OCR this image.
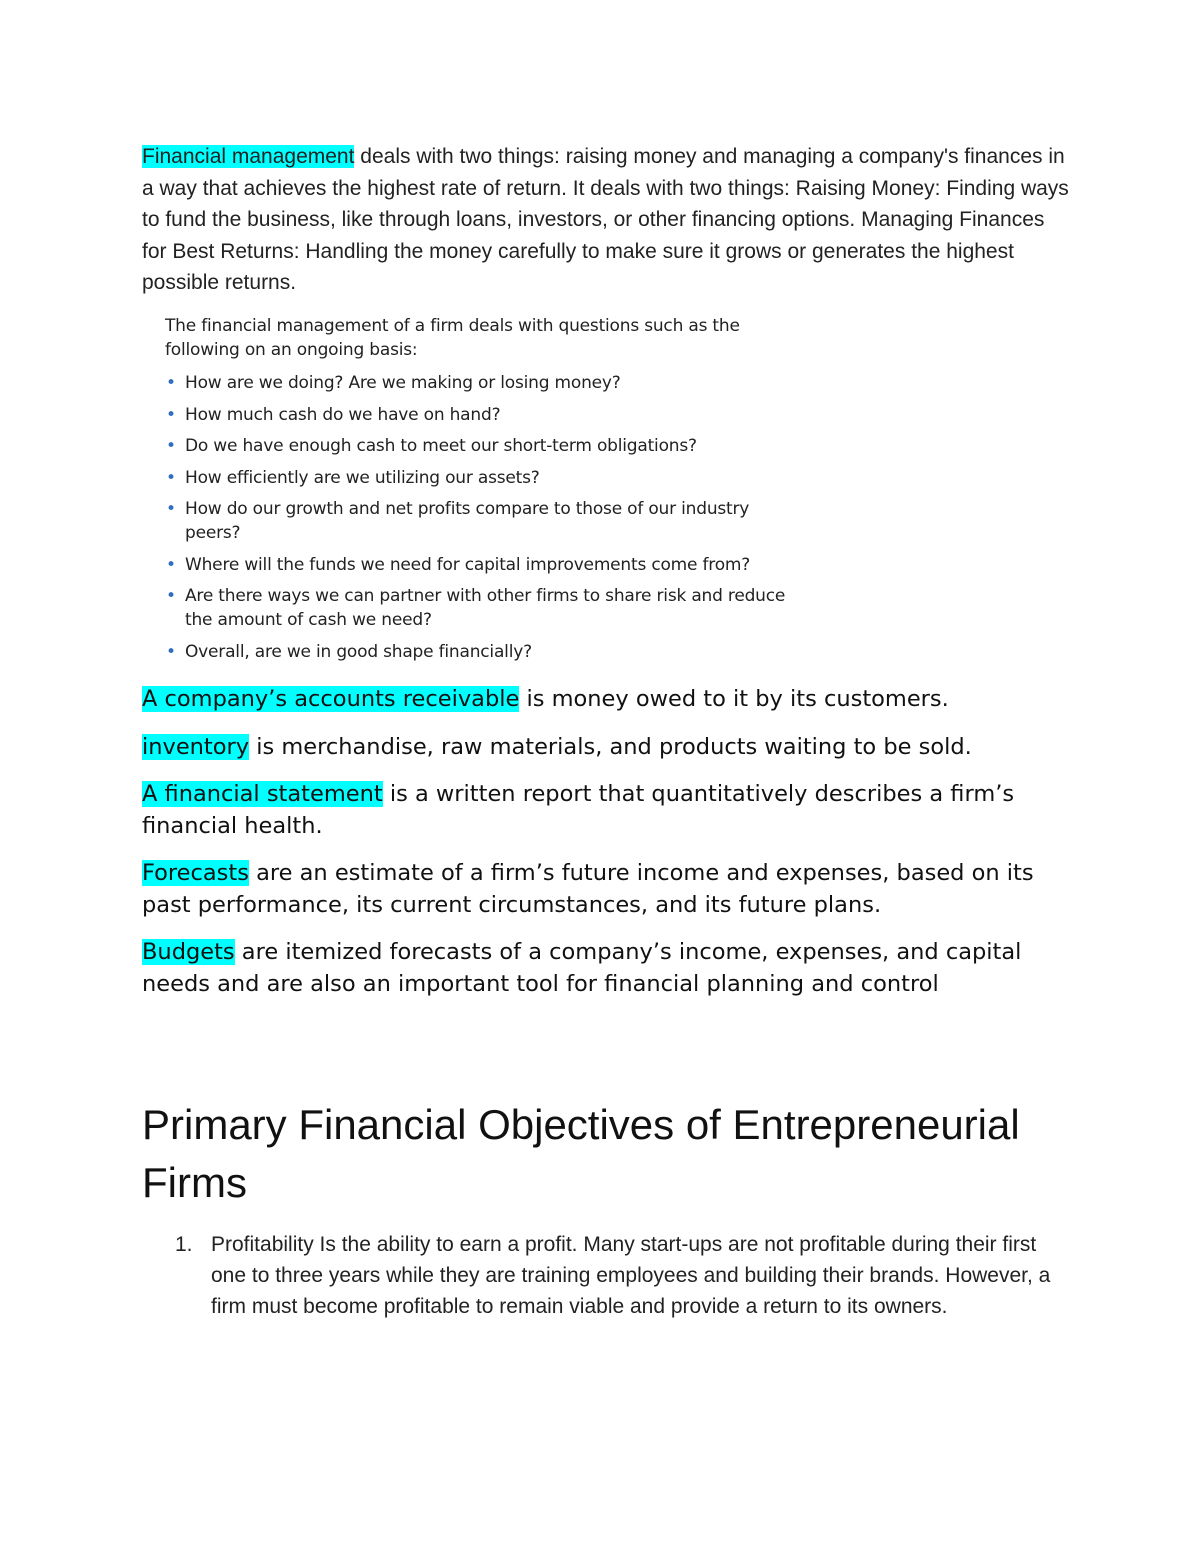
Financial management deals with two things: raising money and managing a company's finances in a way that achieves the highest rate of return. It deals with two things: Raising Money: Finding ways to fund the business, like through loans, investors, or other financing options. Managing Finances for Best Returns: Handling the money carefully to make sure it grows or generates the highest possible returns.

The financial management of a firm deals with questions such as the following on an ongoing basis:

• How are we doing? Are we making or losing money?
• How much cash do we have on hand?
• Do we have enough cash to meet our short-term obligations?
• How efficiently are we utilizing our assets?
• How do our growth and net profits compare to those of our industry peers?
• Where will the funds we need for capital improvements come from?
• Are there ways we can partner with other firms to share risk and reduce the amount of cash we need?
• Overall, are we in good shape financially?

A company’s accounts receivable is money owed to it by its customers.

inventory is merchandise, raw materials, and products waiting to be sold.

A financial statement is a written report that quantitatively describes a firm’s financial health.

Forecasts are an estimate of a firm’s future income and expenses, based on its past performance, its current circumstances, and its future plans.

Budgets are itemized forecasts of a company’s income, expenses, and capital needs and are also an important tool for financial planning and control

Primary Financial Objectives of Entrepreneurial Firms
1. Profitability Is the ability to earn a profit. Many start-ups are not profitable during their first one to three years while they are training employees and building their brands. However, a firm must become profitable to remain viable and provide a return to its owners.
